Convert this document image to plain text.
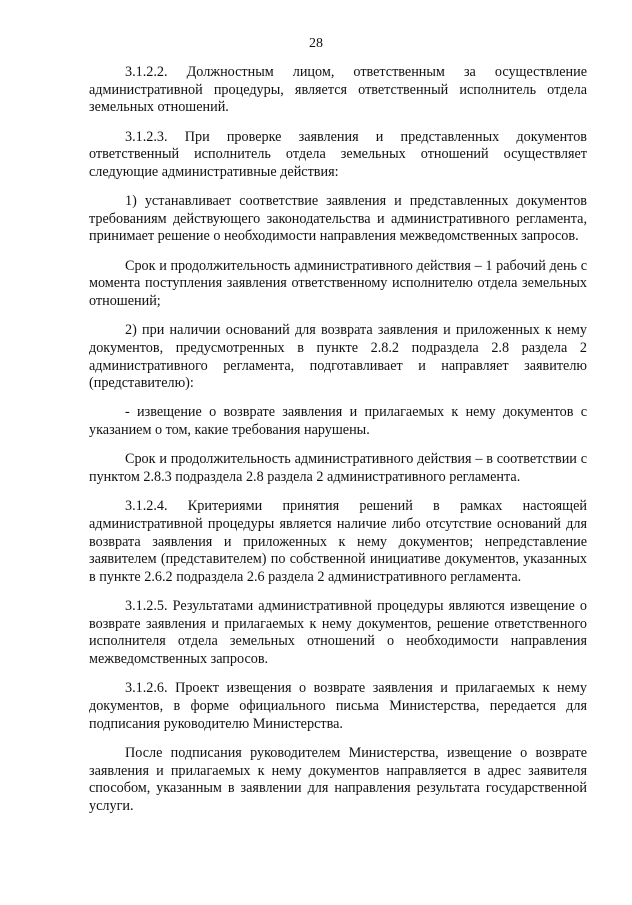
28

3.1.2.2. Должностным лицом, ответственным за осуществление административной процедуры, является ответственный исполнитель отдела земельных отношений.

3.1.2.3. При проверке заявления и представленных документов ответственный исполнитель отдела земельных отношений осуществляет следующие административные действия:

1) устанавливает соответствие заявления и представленных документов требованиям действующего законодательства и административного регламента, принимает решение о необходимости направления межведомственных запросов.

Срок и продолжительность административного действия – 1 рабочий день с момента поступления заявления ответственному исполнителю отдела земельных отношений;

2) при наличии оснований для возврата заявления и приложенных к нему документов, предусмотренных в пункте 2.8.2 подраздела 2.8 раздела 2 административного регламента, подготавливает и направляет заявителю (представителю):

- извещение о возврате заявления и прилагаемых к нему документов с указанием о том, какие требования нарушены.

Срок и продолжительность административного действия – в соответствии с пунктом 2.8.3 подраздела 2.8 раздела 2 административного регламента.

3.1.2.4. Критериями принятия решений в рамках настоящей административной процедуры является наличие либо отсутствие оснований для возврата заявления и приложенных к нему документов; непредставление заявителем (представителем) по собственной инициативе документов, указанных в пункте 2.6.2 подраздела 2.6 раздела 2 административного регламента.

3.1.2.5. Результатами административной процедуры являются извещение о возврате заявления и прилагаемых к нему документов, решение ответственного исполнителя отдела земельных отношений о необходимости направления межведомственных запросов.

3.1.2.6. Проект извещения о возврате заявления и прилагаемых к нему документов, в форме официального письма Министерства, передается для подписания руководителю Министерства.

После подписания руководителем Министерства, извещение о возврате заявления и прилагаемых к нему документов направляется в адрес заявителя способом, указанным в заявлении для направления результата государственной услуги.
